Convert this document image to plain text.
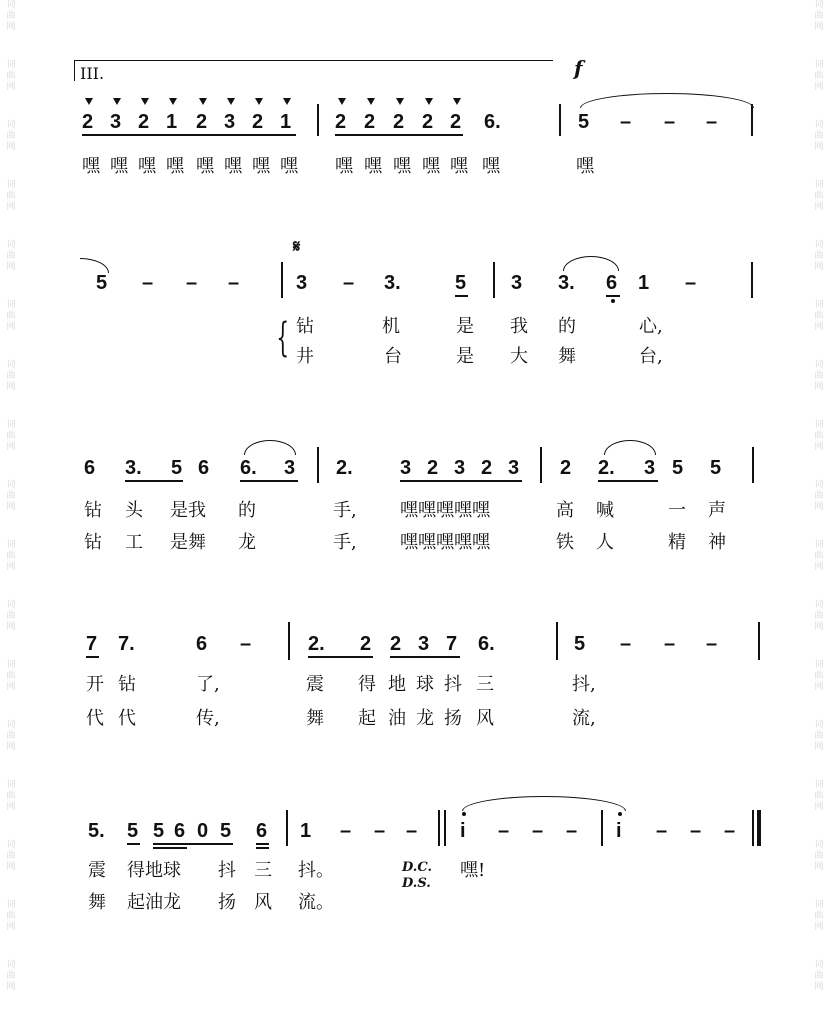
词
曲
网

词
曲
网

词
曲
网

词
曲
网

词
曲
网

词
曲
网

词
曲
网

词
曲
网

词
曲
网

词
曲
网

词
曲
网

词
曲
网

词
曲
网

词
曲
网

词
曲
网

词
曲
网

词
曲
网

词
曲
网

词
曲
网

词
曲
网

词
曲
网

词
曲
网

词
曲
网

词
曲
网

词
曲
网

词
曲
网

词
曲
网

词
曲
网

词
曲
网

词
曲
网

词
曲
网

词
曲
网

词
曲
网

词
曲
网

III.	f
2 3 2 1 2 3 2 1 2 2 2 2 2 6.	5 – – –
嘿 嘿 嘿 嘿 嘿 嘿 嘿 嘿 嘿 嘿 嘿 嘿 嘿 嘿	嘿
𝄋
5 – – –	3 – 3.	5 3 3. 6 1 –
{ 钻	机	是 我 的	心,
井	台	是 大 舞	台,
6 3. 5 6 6. 3 2. 3 2 3 2 3 2 2. 3 5 5
钻 头 是我 的	手, 嘿嘿嘿嘿嘿	高 喊	一 声
钻 工 是舞 龙	手, 嘿嘿嘿嘿嘿	铁 人	精 神
7 7.	6 –	2. 2 2 3 7 6.	5 – – –
开 钻	了,	震 得 地 球 抖 三	抖,
代 代	传,	舞 起 油 龙 扬 风	流,
5. 5 5 6 0 5 6 1 – – – i – – – i – – –
震 得地球 抖 三 抖。
舞 起油龙 扬 风 流。
D.C.
D.S.
嘿!
